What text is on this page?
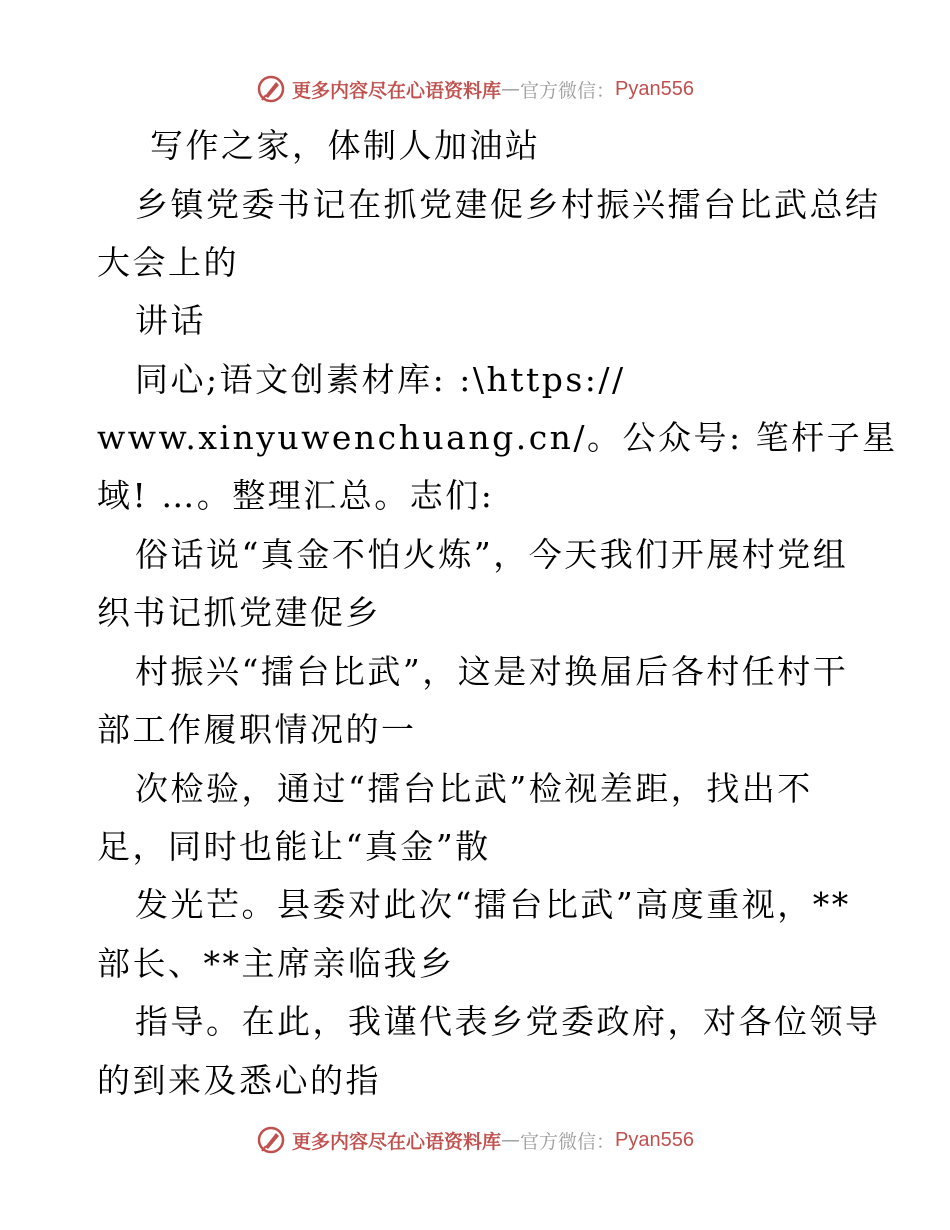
更多内容尽在心语资料库 — 官方微信： Pyan556
写作之家，体制人加油站
乡镇党委书记在抓党建促乡村振兴擂台比武总结
大会上的
讲话
同心;语文创素材库: :\https://
www.xinyuwenchuang.cn/。公众号: 笔杆子星
域! …。整理汇总。志们:
俗话说“真金不怕火炼”，今天我们开展村党组
织书记抓党建促乡
村振兴“擂台比武”，这是对换届后各村任村干
部工作履职情况的一
次检验，通过“擂台比武”检视差距，找出不
足，同时也能让“真金”散
发光芒。县委对此次“擂台比武”高度重视，**
部长、**主席亲临我乡
指导。在此，我谨代表乡党委政府，对各位领导
的到来及悉心的指
更多内容尽在心语资料库 — 官方微信： Pyan556
